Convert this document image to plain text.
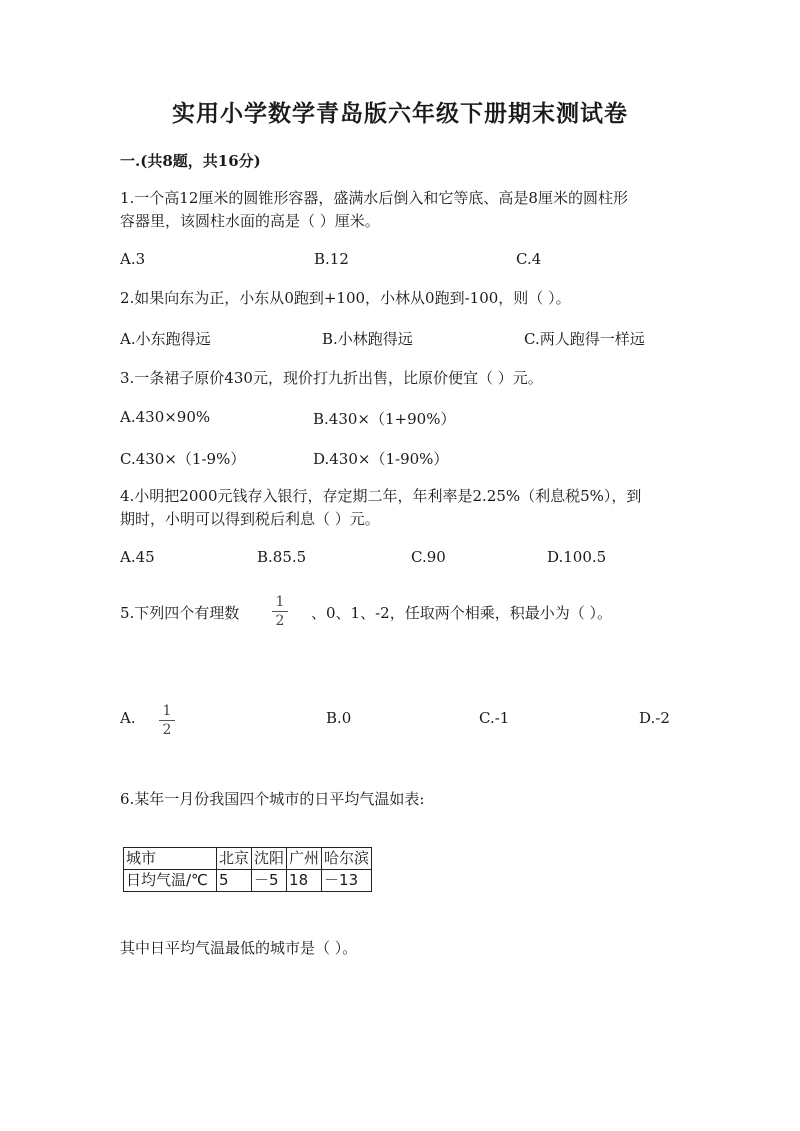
实用小学数学青岛版六年级下册期末测试卷
一.(共8题，共16分)
1.一个高12厘米的圆锥形容器，盛满水后倒入和它等底、高是8厘米的圆柱形
容器里，该圆柱水面的高是（ ）厘米。
A.3	B.12	C.4
2.如果向东为正，小东从0跑到+100，小林从0跑到-100，则（ ）。
A.小东跑得远	B.小林跑得远	C.两人跑得一样远
3.一条裙子原价430元，现价打九折出售，比原价便宜（ ）元。
A.430×90%	B.430×（1+90%）
C.430×（1-9%）	D.430×（1-90%）
4.小明把2000元钱存入银行，存定期二年，年利率是2.25%（利息税5%），到
期时，小明可以得到税后利息（ ）元。
A.45	B.85.5	C.90	D.100.5
5.下列四个有理数
1
2 、0、1、-2，任取两个相乘，积最小为（ ）。
A. 1
2
B.0	C.-1	D.-2
6.某年一月份我国四个城市的日平均气温如表:
城市	北京	沈阳	广州	哈尔滨
日均气温/℃	5	－5	18	－13
其中日平均气温最低的城市是（ ）。
